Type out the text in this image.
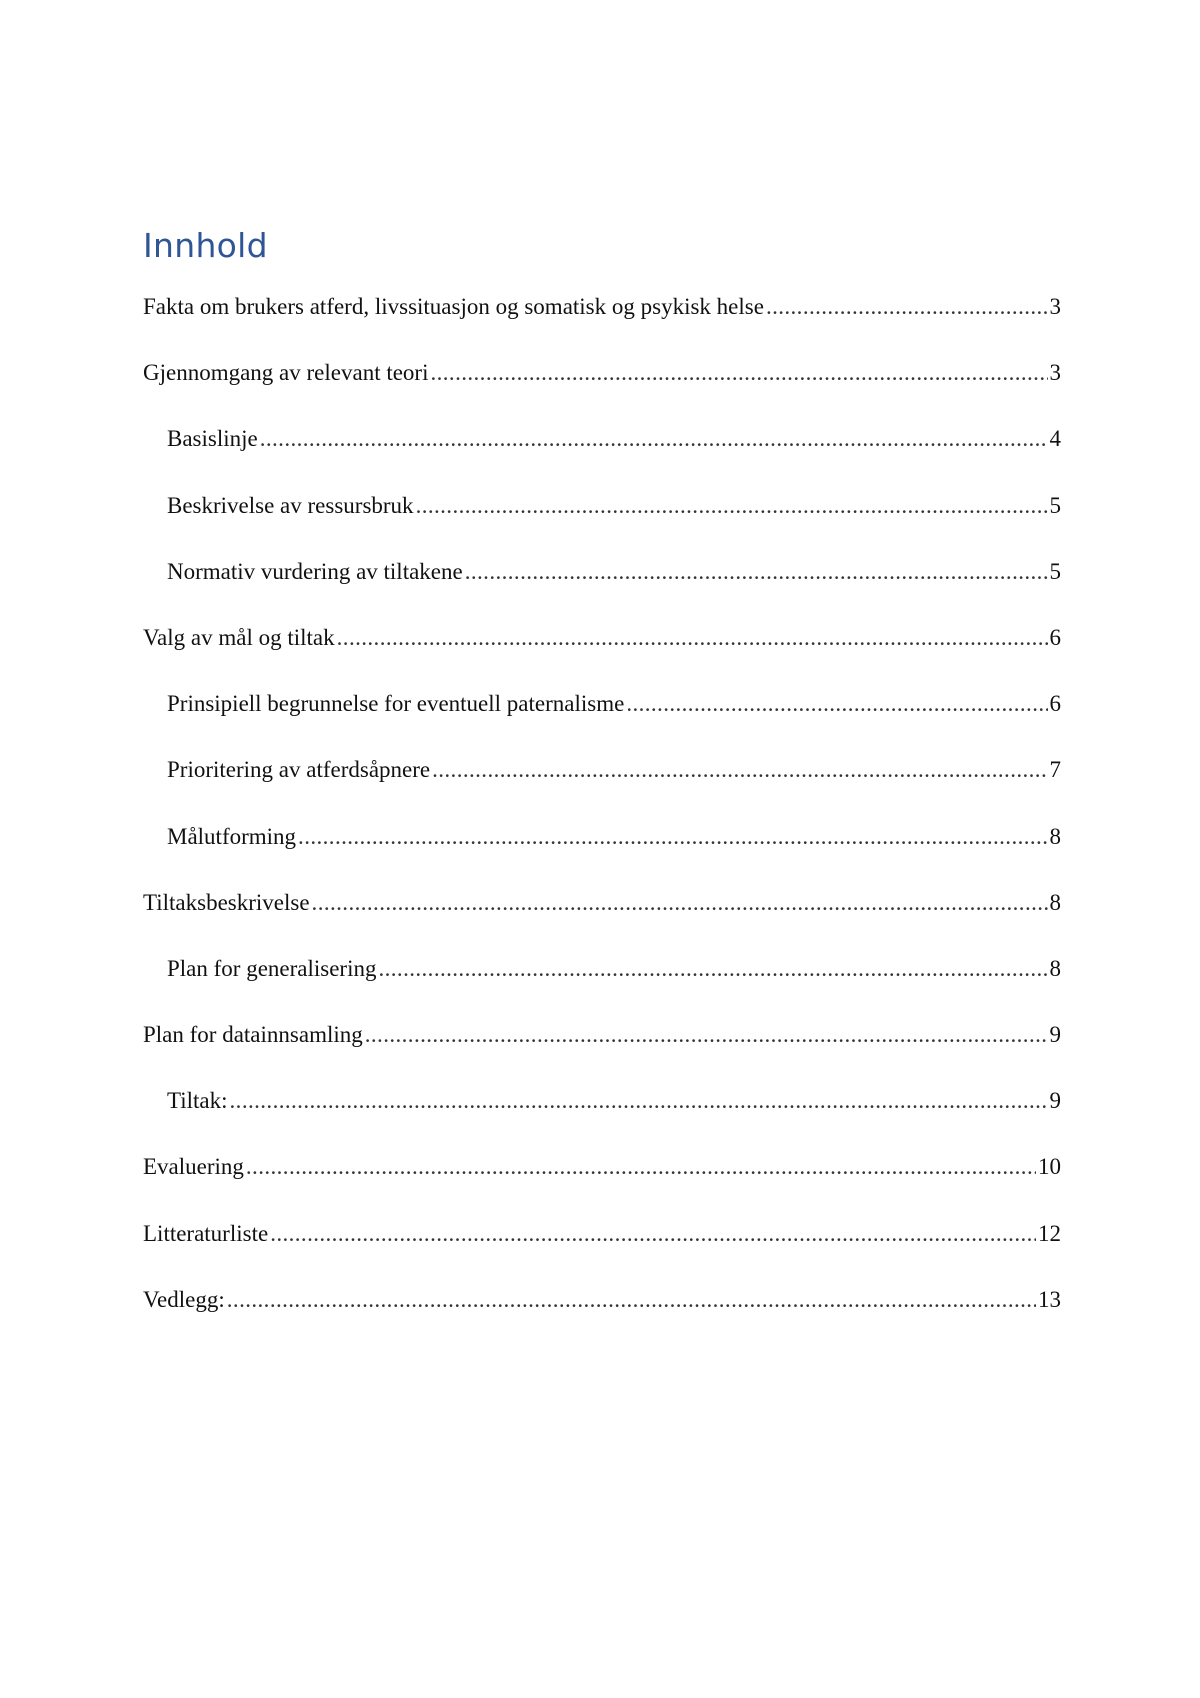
Innhold
Fakta om brukers atferd, livssituasjon og somatisk og psykisk helse .....	3
Gjennomgang av relevant teori .....	3
Basislinje .....	4
Beskrivelse av ressursbruk .....	5
Normativ vurdering av tiltakene .....	5
Valg av mål og tiltak .....	6
Prinsipiell begrunnelse for eventuell paternalisme .....	6
Prioritering av atferdsåpnere .....	7
Målutforming .....	8
Tiltaksbeskrivelse .....	8
Plan for generalisering .....	8
Plan for datainnsamling .....	9
Tiltak: .....	9
Evaluering .....	10
Litteraturliste .....	12
Vedlegg: .....	13
